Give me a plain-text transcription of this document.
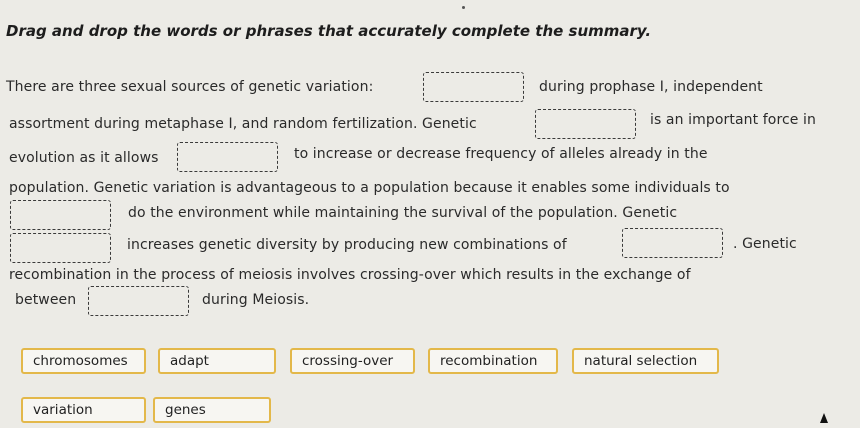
Drag and drop the words or phrases that accurately complete the summary.
There are three sexual sources of genetic variation:	during prophase I, independent
assortment during metaphase I, and random fertilization. Genetic	is an important force in
evolution as it allows	to increase or decrease frequency of alleles already in the
population. Genetic variation is advantageous to a population because it enables some individuals to
do the environment while maintaining the survival of the population. Genetic
increases genetic diversity by producing new combinations of	. Genetic
recombination in the process of meiosis involves crossing-over which results in the exchange of
between	during Meiosis.
chromosomes	adapt	crossing-over	recombination	natural selection
variation	genes
